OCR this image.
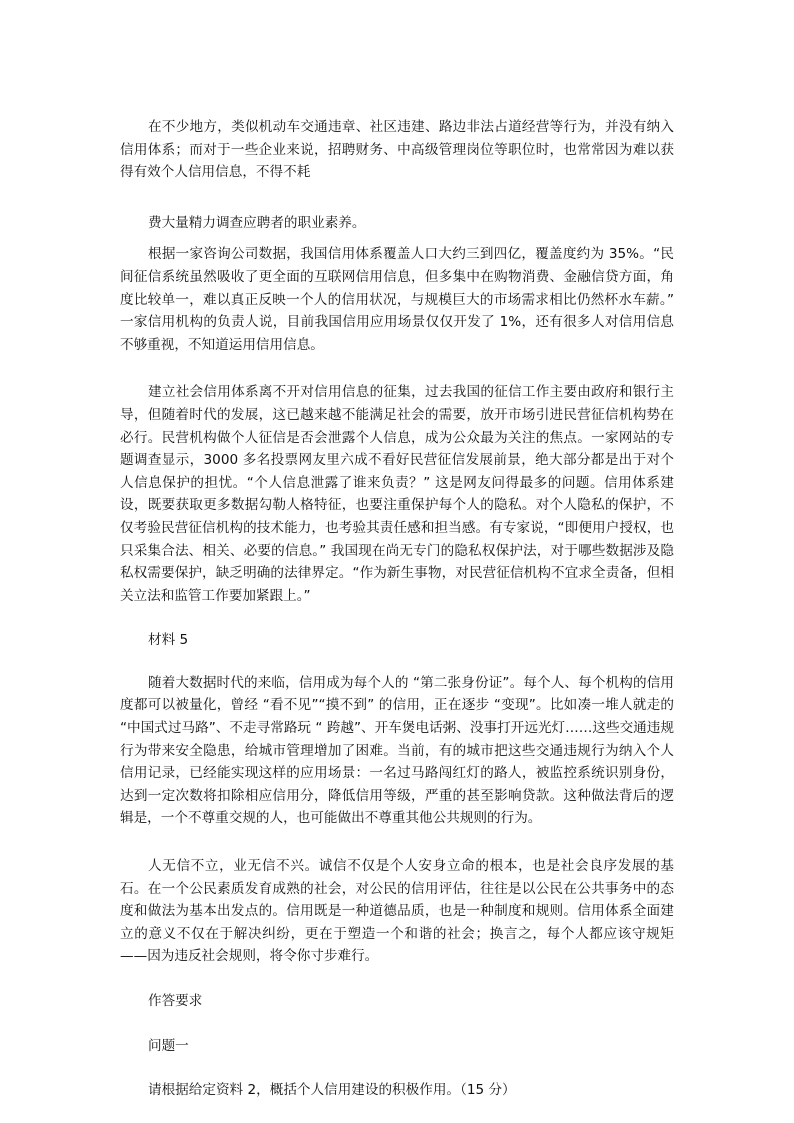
在不少地方，类似机动车交通违章、社区违建、路边非法占道经营等行为，并没有纳入信用体系；而对于一些企业来说，招聘财务、中高级管理岗位等职位时，也常常因为难以获得有效个人信用信息，不得不耗

费大量精力调查应聘者的职业素养。

根据一家咨询公司数据，我国信用体系覆盖人口大约三到四亿，覆盖度约为 35%。“民间征信系统虽然吸收了更全面的互联网信用信息，但多集中在购物消费、金融信贷方面，角度比较单一，难以真正反映一个人的信用状况，与规模巨大的市场需求相比仍然杯水车薪。” 一家信用机构的负责人说，目前我国信用应用场景仅仅开发了 1%，还有很多人对信用信息不够重视，不知道运用信用信息。

建立社会信用体系离不开对信用信息的征集，过去我国的征信工作主要由政府和银行主导，但随着时代的发展，这已越来越不能满足社会的需要，放开市场引进民营征信机构势在必行。民营机构做个人征信是否会泄露个人信息，成为公众最为关注的焦点。一家网站的专题调查显示，3000 多名投票网友里六成不看好民营征信发展前景，绝大部分都是出于对个人信息保护的担忧。“个人信息泄露了谁来负责？” 这是网友问得最多的问题。信用体系建设，既要获取更多数据勾勒人格特征，也要注重保护每个人的隐私。对个人隐私的保护，不仅考验民营征信机构的技术能力，也考验其责任感和担当感。有专家说，“即便用户授权，也只采集合法、相关、必要的信息。” 我国现在尚无专门的隐私权保护法，对于哪些数据涉及隐私权需要保护，缺乏明确的法律界定。“作为新生事物，对民营征信机构不宜求全责备，但相关立法和监管工作要加紧跟上。”

材料 5

随着大数据时代的来临，信用成为每个人的 “第二张身份证”。每个人、每个机构的信用度都可以被量化，曾经 “看不见”“摸不到” 的信用，正在逐步 “变现”。比如凑一堆人就走的 “中国式过马路”、不走寻常路玩 “ 跨越”、开车煲电话粥、没事打开远光灯……这些交通违规行为带来安全隐患，给城市管理增加了困难。当前，有的城市把这些交通违规行为纳入个人信用记录，已经能实现这样的应用场景：一名过马路闯红灯的路人，被监控系统识别身份，达到一定次数将扣除相应信用分，降低信用等级，严重的甚至影响贷款。这种做法背后的逻辑是，一个不尊重交规的人，也可能做出不尊重其他公共规则的行为。

人无信不立，业无信不兴。诚信不仅是个人安身立命的根本，也是社会良序发展的基石。在一个公民素质发育成熟的社会，对公民的信用评估，往往是以公民在公共事务中的态度和做法为基本出发点的。信用既是一种道德品质，也是一种制度和规则。信用体系全面建立的意义不仅在于解决纠纷，更在于塑造一个和谐的社会；换言之，每个人都应该守规矩——因为违反社会规则，将令你寸步难行。

作答要求

问题一

请根据给定资料 2，概括个人信用建设的积极作用。（15 分）
